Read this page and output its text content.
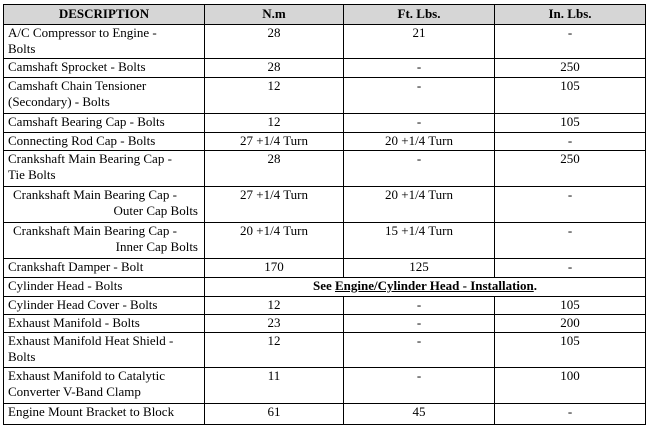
DESCRIPTION	N.m	Ft. Lbs.	In. Lbs.

A/C Compressor to Engine -
Bolts	28	21	-

Camshaft Sprocket - Bolts	28	-	250

Camshaft Chain Tensioner
(Secondary) - Bolts	12	-	105

Camshaft Bearing Cap - Bolts	12	-	105

Connecting Rod Cap - Bolts	27 +1/4 Turn	20 +1/4 Turn	-

Crankshaft Main Bearing Cap -
Tie Bolts	28	-	250

Crankshaft Main Bearing Cap -
Outer Cap Bolts	27 +1/4 Turn	20 +1/4 Turn	-

Crankshaft Main Bearing Cap -
Inner Cap Bolts	20 +1/4 Turn	15 +1/4 Turn	-

Crankshaft Damper - Bolt	170	125	-

Cylinder Head - Bolts	See Engine/Cylinder Head - Installation.		

Cylinder Head Cover - Bolts	12	-	105

Exhaust Manifold - Bolts	23	-	200

Exhaust Manifold Heat Shield -
Bolts	12	-	105

Exhaust Manifold to Catalytic
Converter V-Band Clamp	11	-	100

Engine Mount Bracket to Block	61	45	-
